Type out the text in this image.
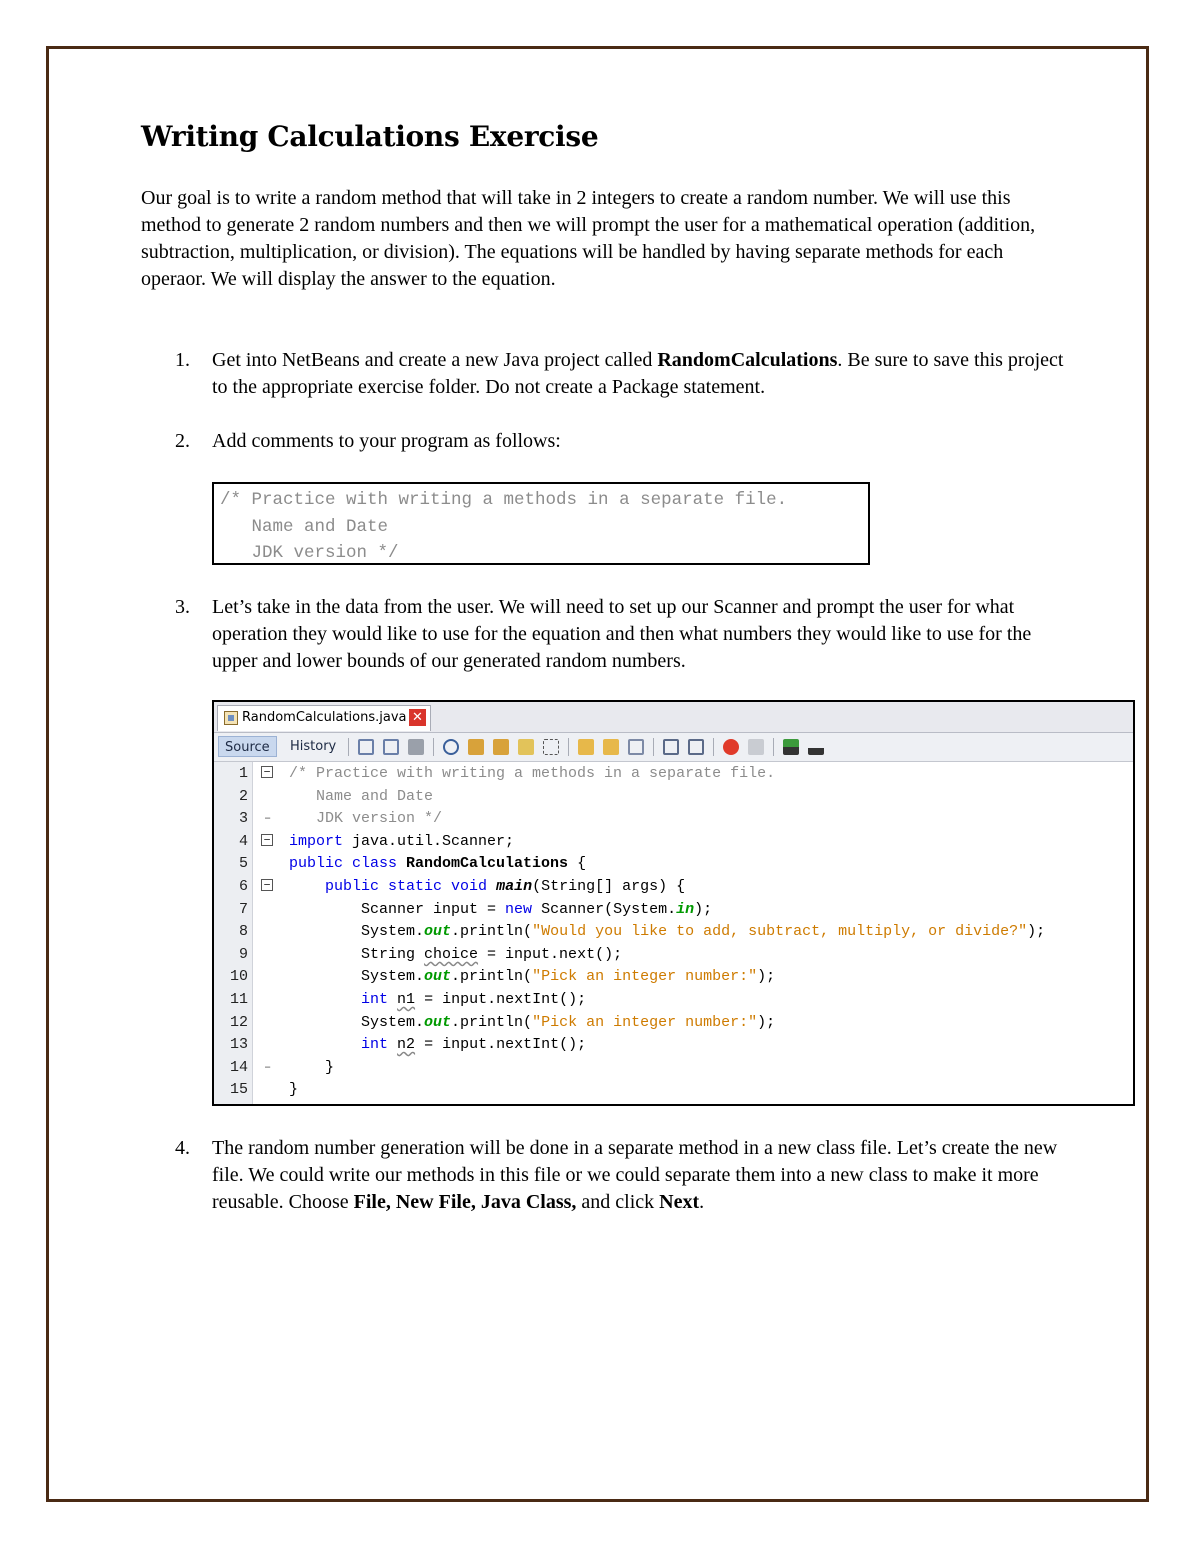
Writing Calculations Exercise

Our goal is to write a random method that will take in 2 integers to create a random number. We will use this method to generate 2 random numbers and then we will prompt the user for a mathematical operation (addition, subtraction, multiplication, or division). The equations will be handled by having separate methods for each operaor. We will display the answer to the equation.

1. Get into NetBeans and create a new Java project called RandomCalculations. Be sure to save this project to the appropriate exercise folder. Do not create a Package statement.
2. Add comments to your program as follows:
/* Practice with writing a methods in a separate file.
Name and Date
JDK version */
3. Let’s take in the data from the user. We will need to set up our Scanner and prompt the user for what operation they would like to use for the equation and then what numbers they would like to use for the upper and lower bounds of our generated random numbers.
RandomCalculations.java ✕
Source	History
1 − /* Practice with writing a methods in a separate file.
2	Name and Date
3 – JDK version */
4 − import java.util.Scanner;
5	public class RandomCalculations {
6 −	public static void main(String[] args) {
7	Scanner input = new Scanner(System.in);
8	System.out.println("Would you like to add, subtract, multiply, or divide?");
9	String choice = input.next();
10	System.out.println("Pick an integer number:");
11	int n1 = input.nextInt();
12	System.out.println("Pick an integer number:");
13	int n2 = input.nextInt();
14 – }
15	}
4. The random number generation will be done in a separate method in a new class file. Let’s create the new file. We could write our methods in this file or we could separate them into a new class to make it more reusable. Choose File, New File, Java Class, and click Next.
